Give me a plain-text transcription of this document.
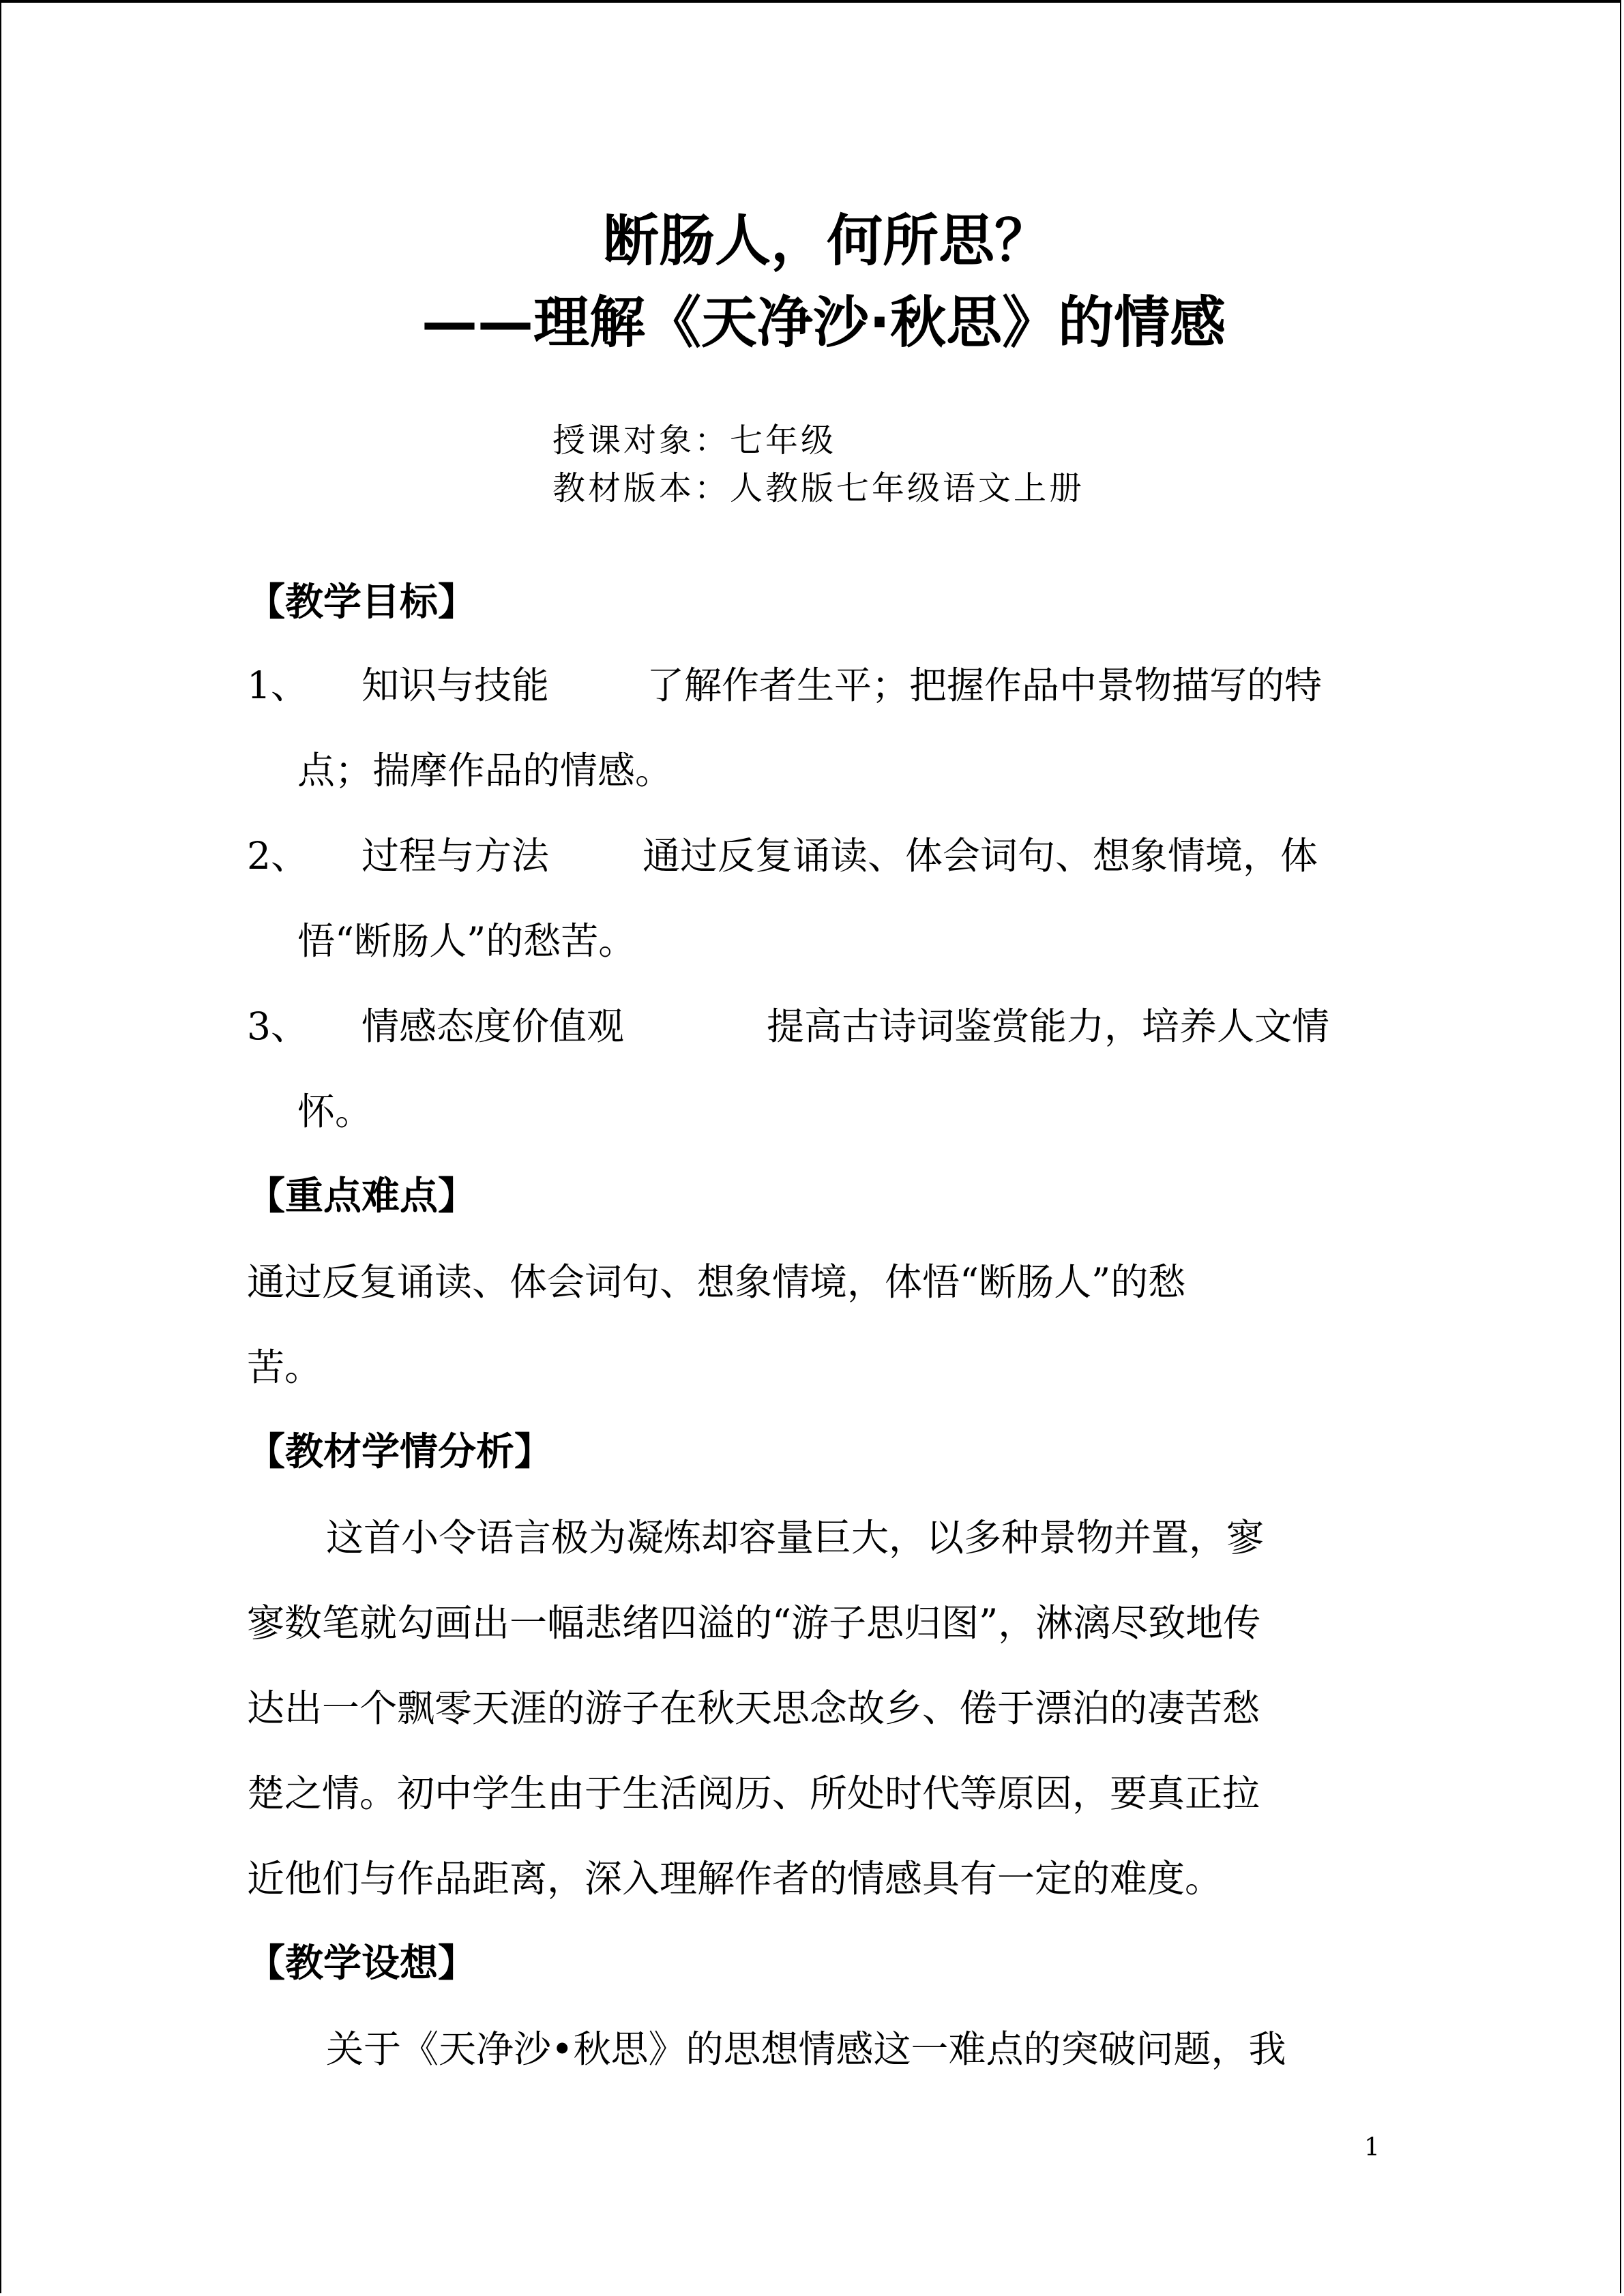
断肠人，何所思？
——理解《天净沙·秋思》的情感
授课对象：七年级
教材版本：人教版七年级语文上册
【教学目标】
1、 知识与技能	了解作者生平；把握作品中景物描写的特
点；揣摩作品的情感。
2、 过程与方法 通过反复诵读、体会词句、想象情境，体
悟“断肠人”的愁苦。
3、 情感态度价值观	提高古诗词鉴赏能力，培养人文情
怀。
【重点难点】
通过反复诵读、体会词句、想象情境，体悟“断肠人”的愁
苦。
【教材学情分析】
这首小令语言极为凝炼却容量巨大，以多种景物并置，寥
寥数笔就勾画出一幅悲绪四溢的“游子思归图”，淋漓尽致地传
达出一个飘零天涯的游子在秋天思念故乡、倦于漂泊的凄苦愁
楚之情。初中学生由于生活阅历、所处时代等原因，要真正拉
近他们与作品距离，深入理解作者的情感具有一定的难度。
【教学设想】
关于《天净沙•秋思》的思想情感这一难点的突破问题，我
1
